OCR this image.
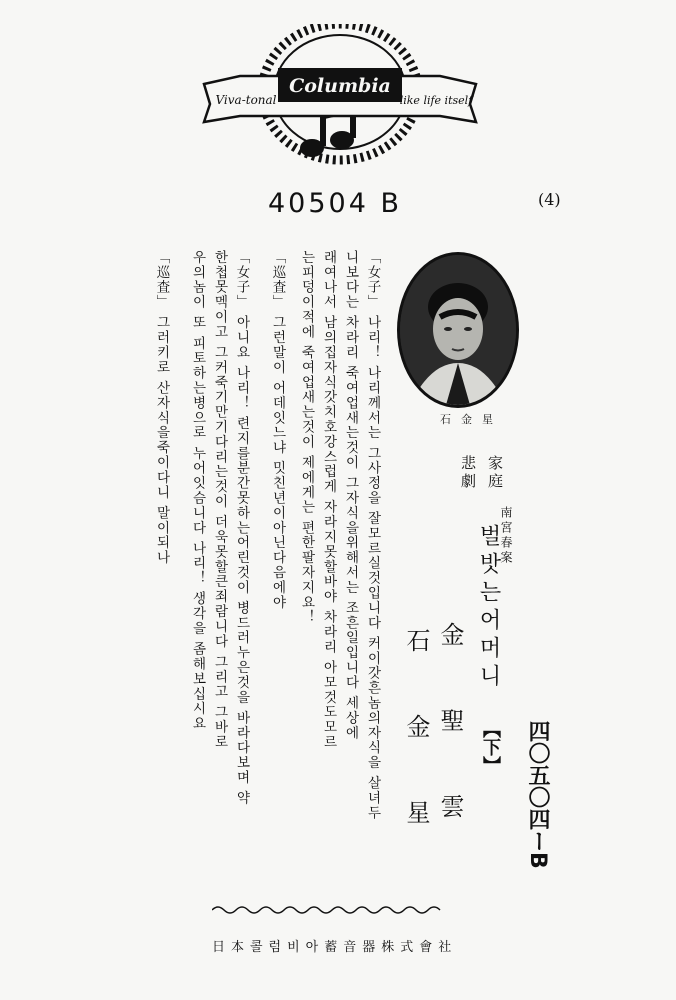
Columbia
Viva-tonal	like life itself
40504 B	(4)
石金星
四〇五〇四ーB
家庭
悲劇
南宮春案
벌밧는어머니
【下】
金聖雲
石金星
「女子」 나리！ 나리께서는 그사정을 잘모르실것입니다 커이갓흔놈의자식을 살녀두
니보다는 차라리 죽여업새는것이 그자식을위해서는 조흔일입니다 세상에
래여나서 남의집자식갓치호강스럽게 자라지못할바야 차라리 아모것도모르
는피덩이적에 죽여업새는것이 제에게는 편한팔자지요！
「巡査」 그런말이 어데잇느냐 밋친년이아닌다음에야
「女子」 아니요 나리！ 련지를분간못하는어린것이 병드러누은것을 바라다보며 약
한첩못멕이고 그커죽기만기다리는것이 더욱못할큰죄람니다 그리고 그바로
우의놈이 또 피토하는병으로 누어잇슴니다 나리！ 생각을 좀해보십시요
「巡査」 그러키로 산자식을죽이다니 말이되나
日本콜럼비아蓄音器株式會社
